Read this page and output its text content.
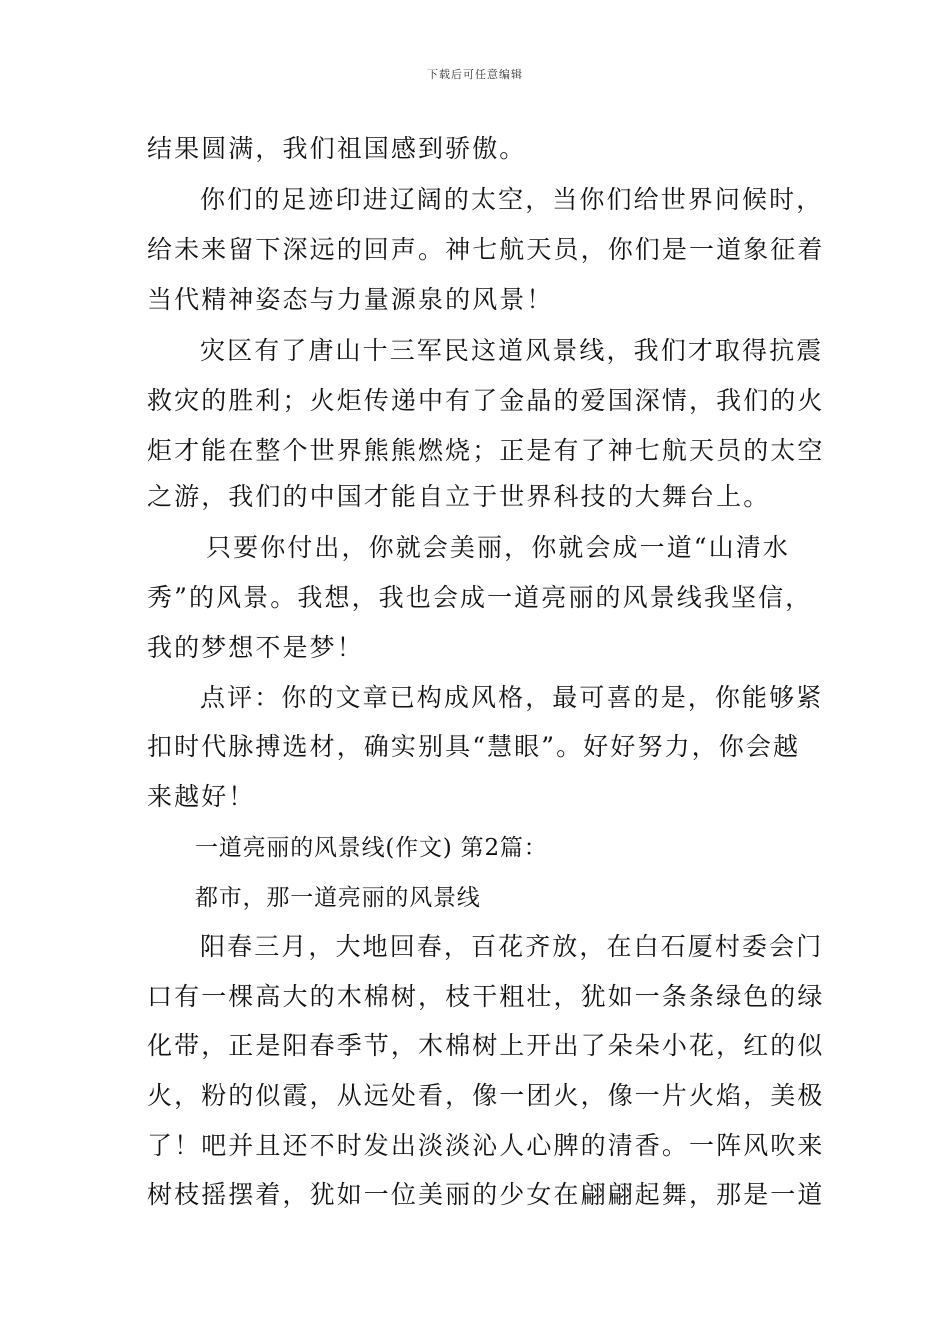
下载后可任意编辑
结果圆满，我们祖国感到骄傲。
你们的足迹印进辽阔的太空，当你们给世界问候时，
给未来留下深远的回声。神七航天员，你们是一道象征着
当代精神姿态与力量源泉的风景！
灾区有了唐山十三军民这道风景线，我们才取得抗震
救灾的胜利；火炬传递中有了金晶的爱国深情，我们的火
炬才能在整个世界熊熊燃烧；正是有了神七航天员的太空
之游，我们的中国才能自立于世界科技的大舞台上。
只要你付出，你就会美丽，你就会成一道“山清水
秀”的风景。我想，我也会成一道亮丽的风景线我坚信，
我的梦想不是梦！
点评：你的文章已构成风格，最可喜的是，你能够紧
扣时代脉搏选材，确实别具“慧眼”。好好努力，你会越
来越好！
一道亮丽的风景线(作文) 第2篇：
都市，那一道亮丽的风景线
阳春三月，大地回春，百花齐放，在白石厦村委会门
口有一棵高大的木棉树，枝干粗壮，犹如一条条绿色的绿
化带，正是阳春季节，木棉树上开出了朵朵小花，红的似
火，粉的似霞，从远处看，像一团火，像一片火焰，美极
了！吧并且还不时发出淡淡沁人心脾的清香。一阵风吹来
树枝摇摆着，犹如一位美丽的少女在翩翩起舞，那是一道
